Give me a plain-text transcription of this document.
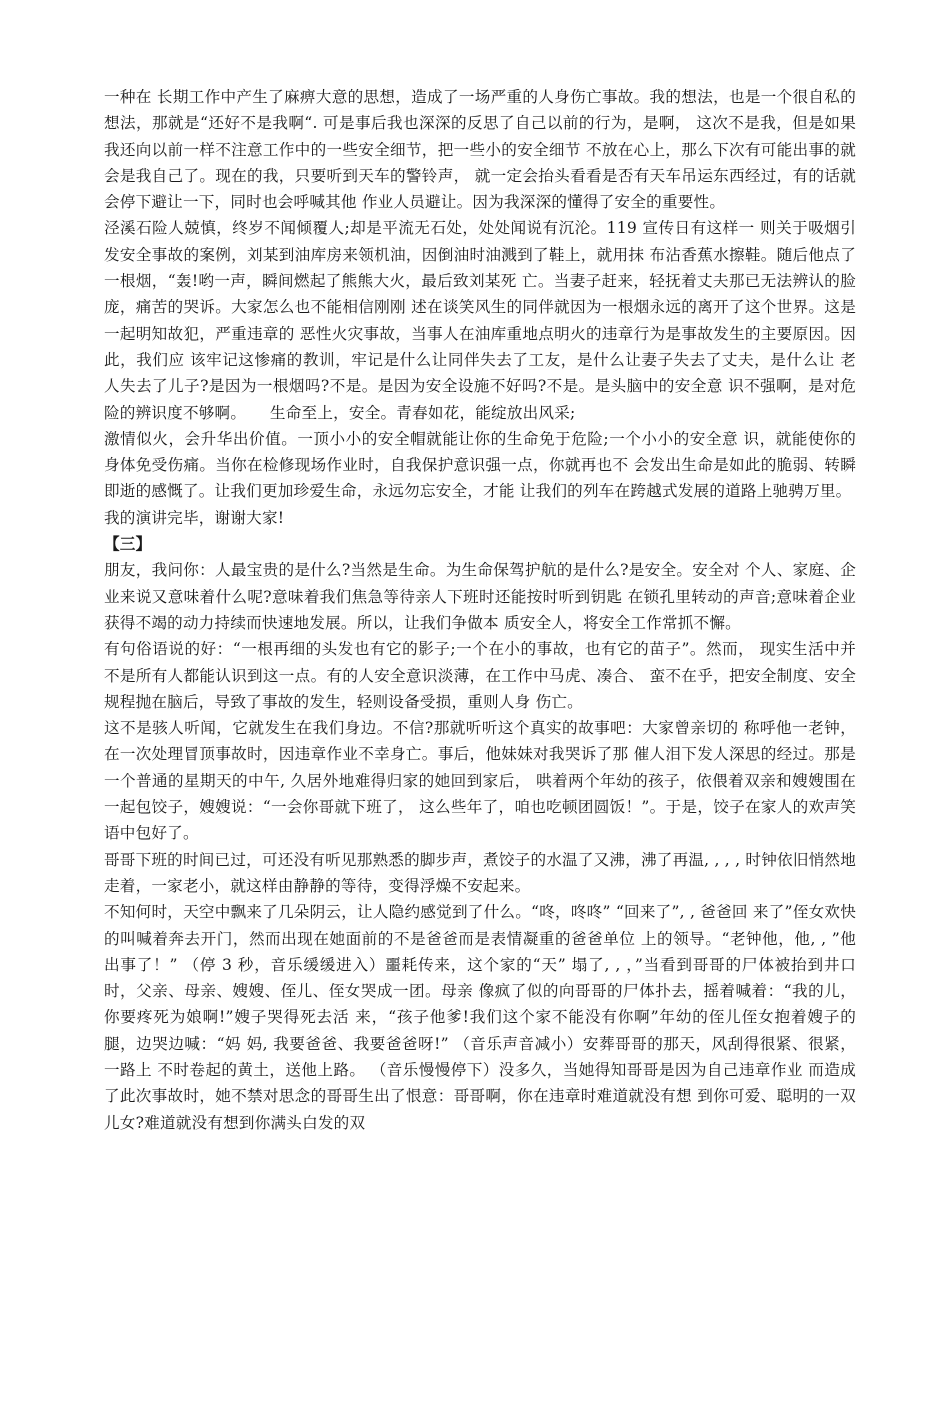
一种在 长期工作中产生了麻痹大意的思想，造成了一场严重的人身伤亡事故。我的想法，也是一个很自私的想法，那就是“还好不是我啊“. 可是事后我也深深的反思了自己以前的行为，是啊， 这次不是我，但是如果我还向以前一样不注意工作中的一些安全细节，把一些小的安全细节 不放在心上，那么下次有可能出事的就会是我自己了。现在的我，只要听到天车的警铃声， 就一定会抬头看看是否有天车吊运东西经过，有的话就会停下避让一下，同时也会呼喊其他 作业人员避让。因为我深深的懂得了安全的重要性。

泾溪石险人兢慎，终岁不闻倾覆人;却是平流无石处，处处闻说有沉沦。119 宣传日有这样一 则关于吸烟引发安全事故的案例，刘某到油库房来领机油，因倒油时油溅到了鞋上，就用抹 布沾香蕉水擦鞋。随后他点了一根烟，“轰!哟一声，瞬间燃起了熊熊大火，最后致刘某死 亡。当妻子赶来，轻抚着丈夫那已无法辨认的脸庞，痛苦的哭诉。大家怎么也不能相信刚刚 述在谈笑风生的同伴就因为一根烟永远的离开了这个世界。这是一起明知故犯，严重违章的 恶性火灾事故，当事人在油库重地点明火的违章行为是事故发生的主要原因。因此，我们应 该牢记这惨痛的教训，牢记是什么让同伴失去了工友，是什么让妻子失去了丈夫，是什么让 老人失去了儿子?是因为一根烟吗?不是。是因为安全设施不好吗?不是。是头脑中的安全意 识不强啊，是对危险的辨识度不够啊。　　生命至上，安全。青春如花，能绽放出风采;

激情似火，会升华出价值。一顶小小的安全帽就能让你的生命免于危险;一个小小的安全意 识，就能使你的身体免受伤痛。当你在检修现场作业时，自我保护意识强一点，你就再也不 会发出生命是如此的脆弱、转瞬即逝的感慨了。让我们更加珍爱生命，永远勿忘安全，才能 让我们的列车在跨越式发展的道路上驰骋万里。

我的演讲完毕，谢谢大家!

【三】

朋友，我问你：人最宝贵的是什么?当然是生命。为生命保驾护航的是什么?是安全。安全对 个人、家庭、企业来说又意味着什么呢?意味着我们焦急等待亲人下班时还能按时听到钥匙 在锁孔里转动的声音;意味着企业获得不竭的动力持续而快速地发展。所以，让我们争做本 质安全人，将安全工作常抓不懈。

有句俗语说的好：“一根再细的头发也有它的影子;一个在小的事故，也有它的苗子”。然而， 现实生活中并不是所有人都能认识到这一点。有的人安全意识淡薄，在工作中马虎、凑合、 蛮不在乎，把安全制度、安全规程抛在脑后，导致了事故的发生，轻则设备受损，重则人身 伤亡。

这不是骇人听闻，它就发生在我们身边。不信?那就听听这个真实的故事吧：大家曾亲切的 称呼他一老钟，在一次处理冒顶事故时，因违章作业不幸身亡。事后，他妹妹对我哭诉了那 催人泪下发人深思的经过。那是一个普通的星期天的中午, 久居外地难得归家的她回到家后， 哄着两个年幼的孩子，依偎着双亲和嫂嫂围在一起包饺子，嫂嫂说：“一会你哥就下班了， 这么些年了，咱也吃顿团圆饭！”。于是，饺子在家人的欢声笑语中包好了。

哥哥下班的时间已过，可还没有听见那熟悉的脚步声，煮饺子的水温了又沸，沸了再温, , , , 时钟依旧悄然地走着，一家老小，就这样由静静的等待，变得浮燥不安起来。

不知何时，天空中飘来了几朵阴云，让人隐约感觉到了什么。“咚，咚咚” “回来了”, , 爸爸回 来了”侄女欢快的叫喊着奔去开门，然而出现在她面前的不是爸爸而是表情凝重的爸爸单位 上的领导。“老钟他，他, , ”他出事了！” （停 3 秒，音乐缓缓进入）噩耗传来，这个家的“天” 塌了, , ，”当看到哥哥的尸体被抬到井口时，父亲、母亲、嫂嫂、侄儿、侄女哭成一团。母亲 像疯了似的向哥哥的尸体扑去，摇着喊着：“我的儿，你要疼死为娘啊!”嫂子哭得死去活 来，“孩子他爹!我们这个家不能没有你啊”年幼的侄儿侄女抱着嫂子的腿，边哭边喊：“妈 妈, 我要爸爸、我要爸爸呀!” （音乐声音减小）安葬哥哥的那天，风刮得很紧、很紧，一路上 不时卷起的黄土，送他上路。 （音乐慢慢停下）没多久，当她得知哥哥是因为自己违章作业 而造成了此次事故时，她不禁对思念的哥哥生出了恨意：哥哥啊，你在违章时难道就没有想 到你可爱、聪明的一双儿女?难道就没有想到你满头白发的双
